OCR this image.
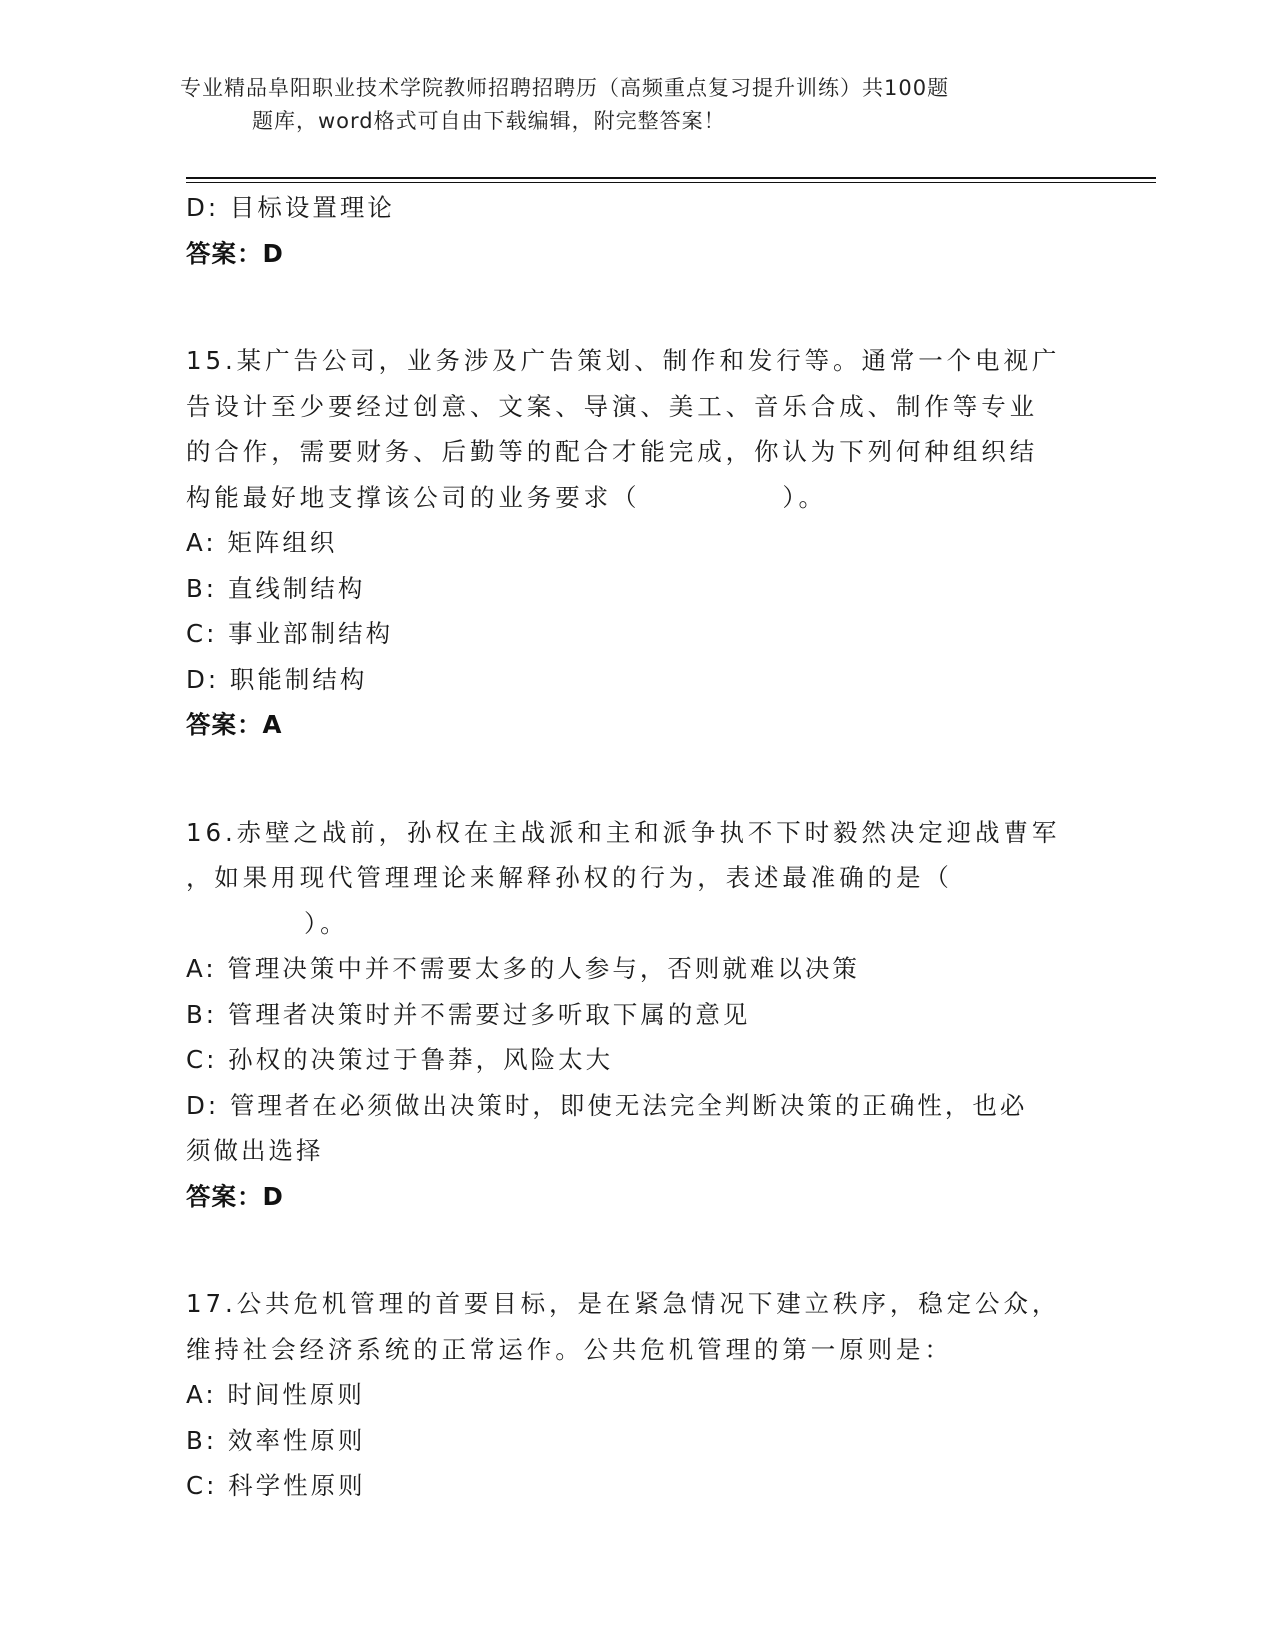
专业精品阜阳职业技术学院教师招聘招聘历（高频重点复习提升训练）共100题
题库，word格式可自由下载编辑，附完整答案！
D: 目标设置理论
答案：D
15.某广告公司，业务涉及广告策划、制作和发行等。通常一个电视广
告设计至少要经过创意、文案、导演、美工、音乐合成、制作等专业
的合作，需要财务、后勤等的配合才能完成，你认为下列何种组织结
构能最好地支撑该公司的业务要求（　　　　　）。
A: 矩阵组织
B: 直线制结构
C: 事业部制结构
D: 职能制结构
答案：A
16.赤壁之战前，孙权在主战派和主和派争执不下时毅然决定迎战曹军
，如果用现代管理理论来解释孙权的行为，表述最准确的是（
）。
A: 管理决策中并不需要太多的人参与，否则就难以决策
B: 管理者决策时并不需要过多听取下属的意见
C: 孙权的决策过于鲁莽，风险太大
D: 管理者在必须做出决策时，即使无法完全判断决策的正确性，也必
须做出选择
答案：D
17.公共危机管理的首要目标，是在紧急情况下建立秩序，稳定公众，
维持社会经济系统的正常运作。公共危机管理的第一原则是：
A: 时间性原则
B: 效率性原则
C: 科学性原则
